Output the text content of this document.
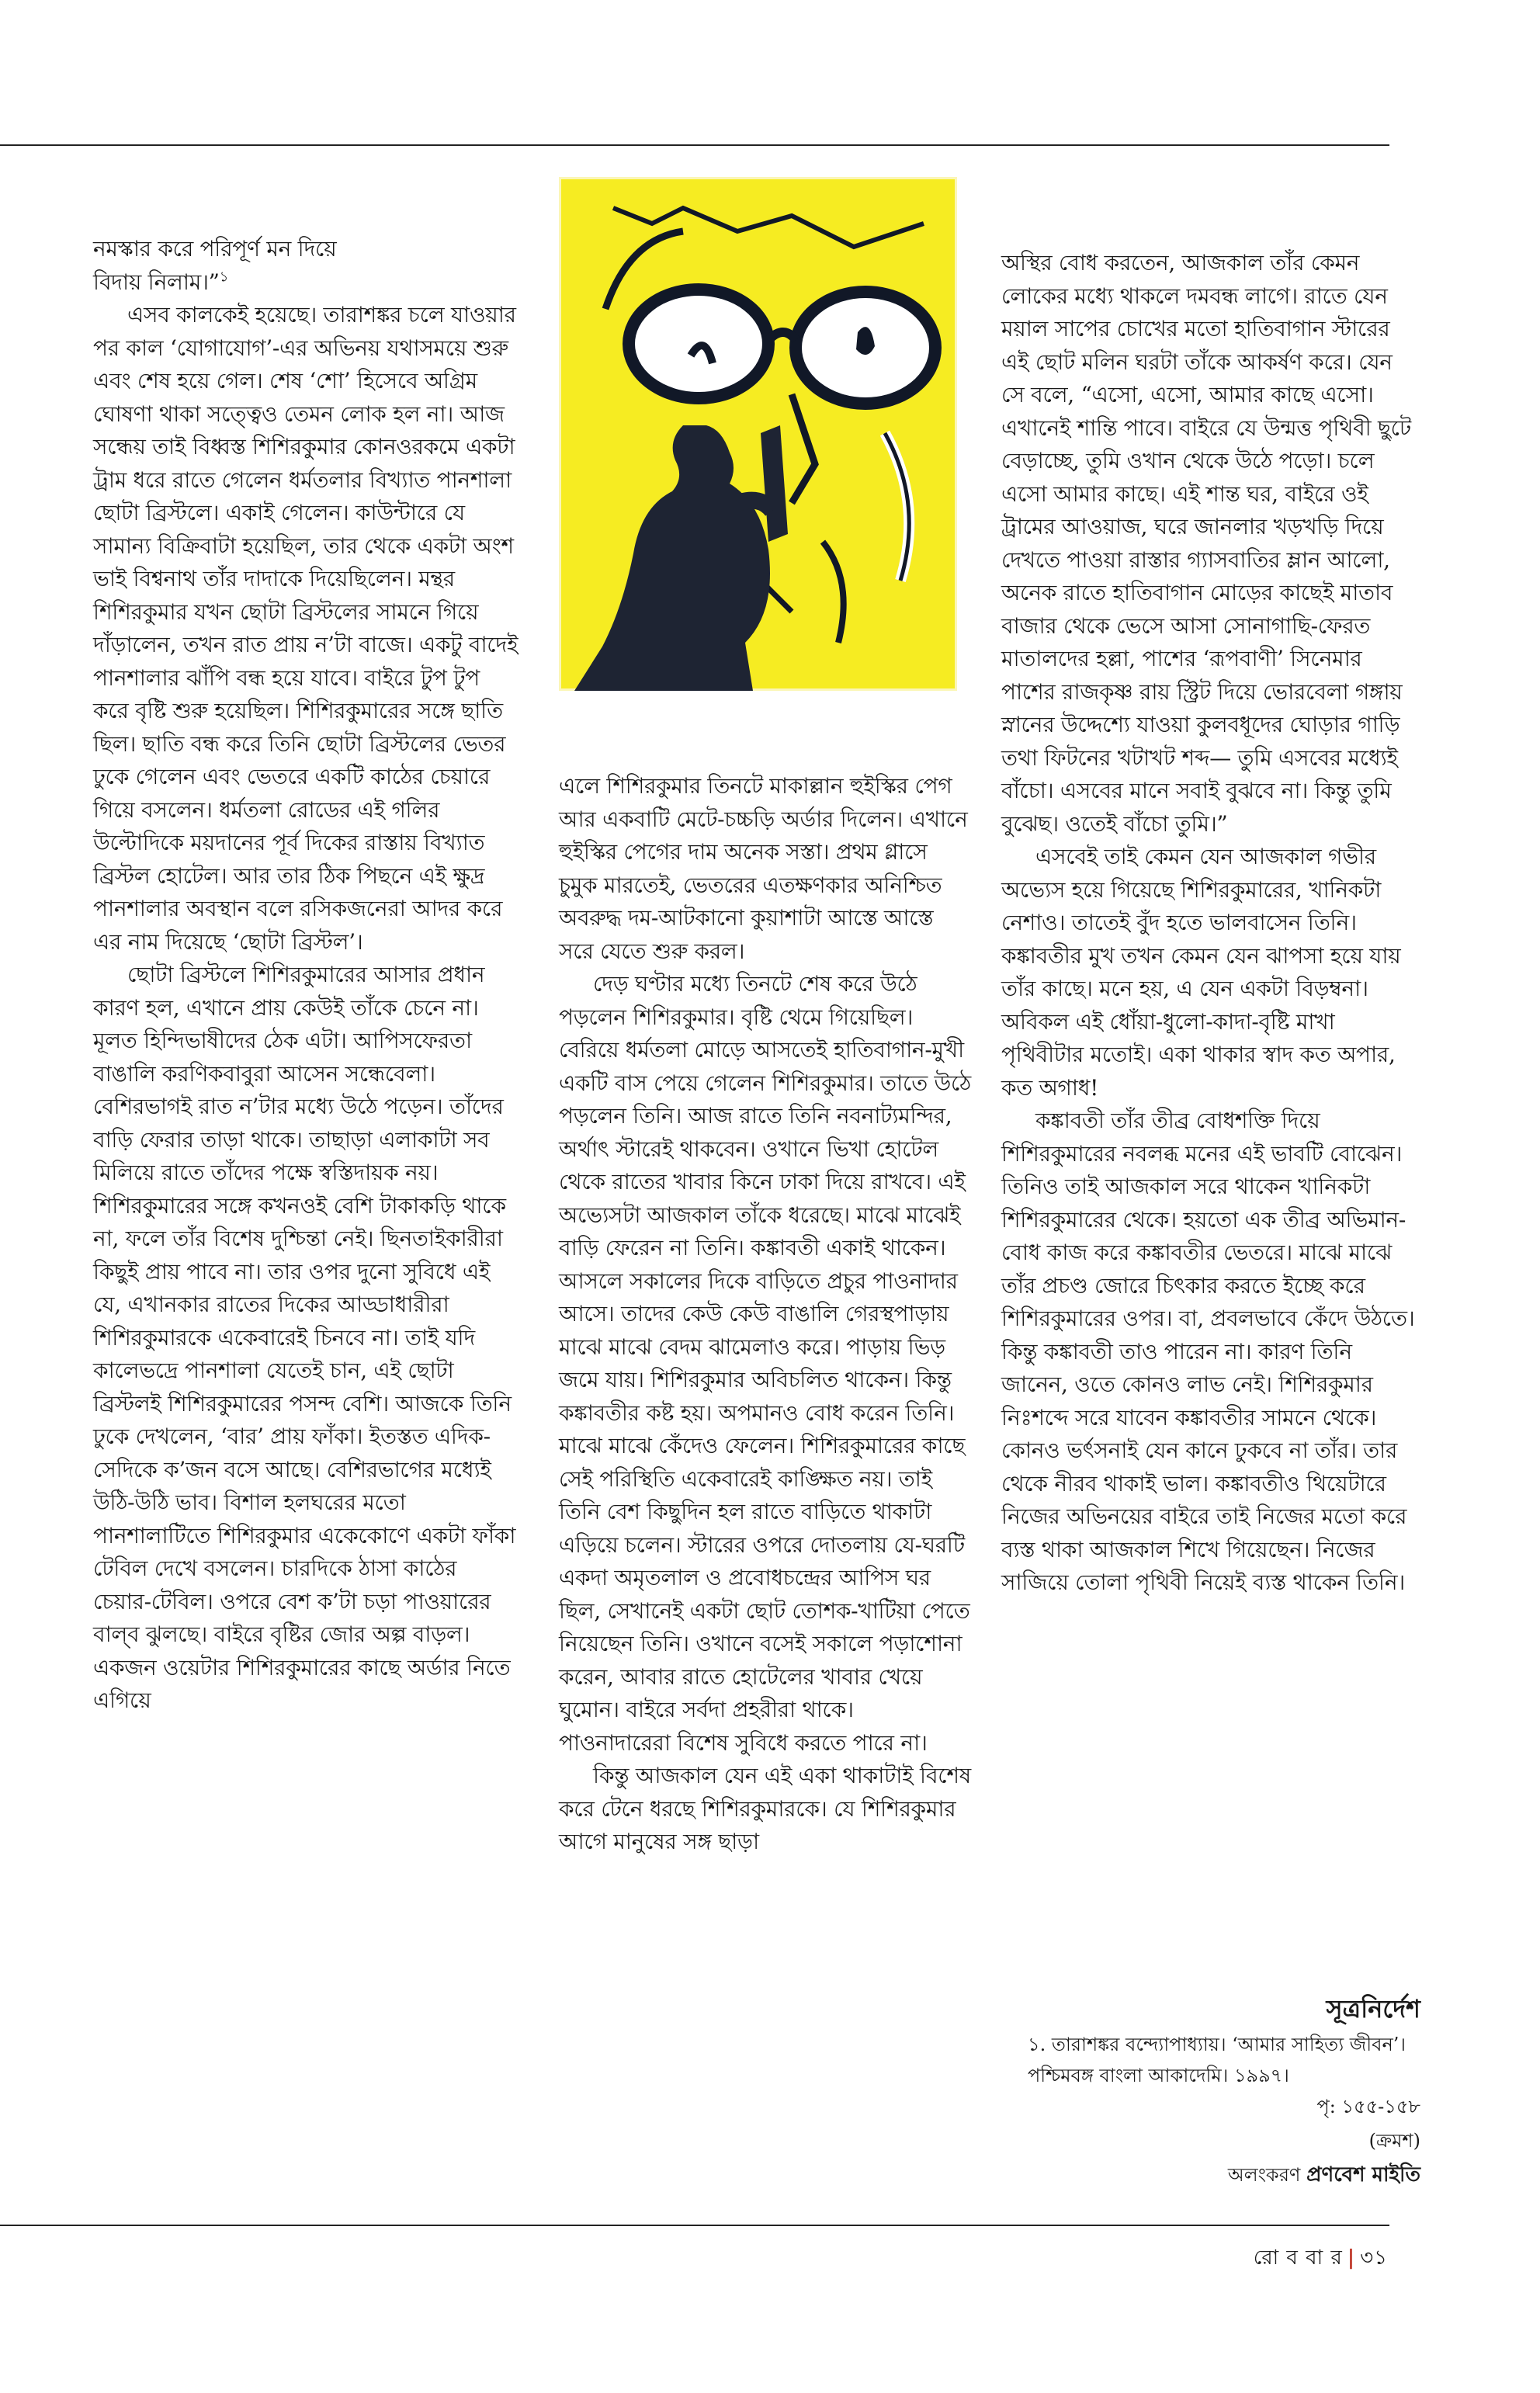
নমস্কার করে পরিপূর্ণ মন দিয়ে

বিদায় নিলাম।”$^১$

এসব কালকেই হয়েছে। তারাশঙ্কর চলে যাওয়ার পর কাল ‘যোগাযোগ’-এর অভিনয় যথাসময়ে শুরু এবং শেষ হয়ে গেল। শেষ ‘শো’ হিসেবে অগ্রিম ঘোষণা থাকা সত্ত্বেও তেমন লোক হল না। আজ সন্ধেয় তাই বিধ্বস্ত শিশিরকুমার কোনওরকমে একটা ট্রাম ধরে রাতে গেলেন ধর্মতলার বিখ্যাত পানশালা ছোটা ব্রিস্টলে। একাই গেলেন। কাউন্টারে যে সামান্য বিক্রিবাটা হয়েছিল, তার থেকে একটা অংশ ভাই বিশ্বনাথ তাঁর দাদাকে দিয়েছিলেন। মন্থর শিশিরকুমার যখন ছোটা ব্রিস্টলের সামনে গিয়ে দাঁড়ালেন, তখন রাত প্রায় ন’টা বাজে। একটু বাদেই পানশালার ঝাঁপি বন্ধ হয়ে যাবে। বাইরে টুপ টুপ করে বৃষ্টি শুরু হয়েছিল। শিশিরকুমারের সঙ্গে ছাতি ছিল। ছাতি বন্ধ করে তিনি ছোটা ব্রিস্টলের ভেতর ঢুকে গেলেন এবং ভেতরে একটি কাঠের চেয়ারে গিয়ে বসলেন। ধর্মতলা রোডের এই গলির উল্টোদিকে ময়দানের পূর্ব দিকের রাস্তায় বিখ্যাত ব্রিস্টল হোটেল। আর তার ঠিক পিছনে এই ক্ষুদ্র পানশালার অবস্থান বলে রসিকজনেরা আদর করে এর নাম দিয়েছে ‘ছোটা ব্রিস্টল’।

ছোটা ব্রিস্টলে শিশিরকুমারের আসার প্রধান কারণ হল, এখানে প্রায় কেউই তাঁকে চেনে না। মূলত হিন্দিভাষীদের ঠেক এটা। আপিসফেরতা বাঙালি করণিকবাবুরা আসেন সন্ধেবেলা। বেশিরভাগই রাত ন’টার মধ্যে উঠে পড়েন। তাঁদের বাড়ি ফেরার তাড়া থাকে। তাছাড়া এলাকাটা সব মিলিয়ে রাতে তাঁদের পক্ষে স্বস্তিদায়ক নয়। শিশিরকুমারের সঙ্গে কখনওই বেশি টাকাকড়ি থাকে না, ফলে তাঁর বিশেষ দুশ্চিন্তা নেই। ছিনতাইকারীরা কিছুই প্রায় পাবে না। তার ওপর দুনো সুবিধে এই যে, এখানকার রাতের দিকের আড্ডাধারীরা শিশিরকুমারকে একেবারেই চিনবে না। তাই যদি কালেভদ্রে পানশালা যেতেই চান, এই ছোটা ব্রিস্টলই শিশিরকুমারের পসন্দ বেশি। আজকে তিনি ঢুকে দেখলেন, ‘বার’ প্রায় ফাঁকা। ইতস্তত এদিক-সেদিকে ক’জন বসে আছে। বেশিরভাগের মধ্যেই উঠি-উঠি ভাব। বিশাল হলঘরের মতো পানশালাটিতে শিশিরকুমার একেকোণে একটা ফাঁকা টেবিল দেখে বসলেন। চারদিকে ঠাসা কাঠের চেয়ার-টেবিল। ওপরে বেশ ক’টা চড়া পাওয়ারের বাল্‌ব ঝুলছে। বাইরে বৃষ্টির জোর অল্প বাড়ল। একজন ওয়েটার শিশিরকুমারের কাছে অর্ডার নিতে এগিয়ে

এলে শিশিরকুমার তিনটে মাকাল্লান হুইস্কির পেগ আর একবাটি মেটে-চচ্চড়ি অর্ডার দিলেন। এখানে হুইস্কির পেগের দাম অনেক সস্তা। প্রথম গ্লাসে চুমুক মারতেই, ভেতরের এতক্ষণকার অনিশ্চিত অবরুদ্ধ দম-আটকানো কুয়াশাটা আস্তে আস্তে সরে যেতে শুরু করল।

দেড় ঘণ্টার মধ্যে তিনটে শেষ করে উঠে পড়লেন শিশিরকুমার। বৃষ্টি থেমে গিয়েছিল। বেরিয়ে ধর্মতলা মোড়ে আসতেই হাতিবাগান-মুখী একটি বাস পেয়ে গেলেন শিশিরকুমার। তাতে উঠে পড়লেন তিনি। আজ রাতে তিনি নবনাট্যমন্দির, অর্থাৎ স্টারেই থাকবেন। ওখানে ভিখা হোটেল থেকে রাতের খাবার কিনে ঢাকা দিয়ে রাখবে। এই অভ্যেসটা আজকাল তাঁকে ধরেছে। মাঝে মাঝেই বাড়ি ফেরেন না তিনি। কঙ্কাবতী একাই থাকেন। আসলে সকালের দিকে বাড়িতে প্রচুর পাওনাদার আসে। তাদের কেউ কেউ বাঙালি গেরস্থপাড়ায় মাঝে মাঝে বেদম ঝামেলাও করে। পাড়ায় ভিড় জমে যায়। শিশিরকুমার অবিচলিত থাকেন। কিন্তু কঙ্কাবতীর কষ্ট হয়। অপমানও বোধ করেন তিনি। মাঝে মাঝে কেঁদেও ফেলেন। শিশিরকুমারের কাছে সেই পরিস্থিতি একেবারেই কাঙ্ক্ষিত নয়। তাই তিনি বেশ কিছুদিন হল রাতে বাড়িতে থাকাটা এড়িয়ে চলেন। স্টারের ওপরে দোতলায় যে-ঘরটি একদা অমৃতলাল ও প্রবোধচন্দ্রের আপিস ঘর ছিল, সেখানেই একটা ছোট তোশক-খাটিয়া পেতে নিয়েছেন তিনি। ওখানে বসেই সকালে পড়াশোনা করেন, আবার রাতে হোটেলের খাবার খেয়ে ঘুমোন। বাইরে সর্বদা প্রহরীরা থাকে। পাওনাদারেরা বিশেষ সুবিধে করতে পারে না।

কিন্তু আজকাল যেন এই একা থাকাটাই বিশেষ করে টেনে ধরছে শিশিরকুমারকে। যে শিশিরকুমার আগে মানুষের সঙ্গ ছাড়া

অস্থির বোধ করতেন, আজকাল তাঁর কেমন লোকের মধ্যে থাকলে দমবন্ধ লাগে। রাতে যেন ময়াল সাপের চোখের মতো হাতিবাগান স্টারের এই ছোট মলিন ঘরটা তাঁকে আকর্ষণ করে। যেন সে বলে, “এসো, এসো, আমার কাছে এসো। এখানেই শান্তি পাবে। বাইরে যে উন্মত্ত পৃথিবী ছুটে বেড়াচ্ছে, তুমি ওখান থেকে উঠে পড়ো। চলে এসো আমার কাছে। এই শান্ত ঘর, বাইরে ওই ট্রামের আওয়াজ, ঘরে জানলার খড়খড়ি দিয়ে দেখতে পাওয়া রাস্তার গ্যাসবাতির ম্লান আলো, অনেক রাতে হাতিবাগান মোড়ের কাছেই মাতাব বাজার থেকে ভেসে আসা সোনাগাছি-ফেরত মাতালদের হল্লা, পাশের ‘রূপবাণী’ সিনেমার পাশের রাজকৃষ্ণ রায় স্ট্রিট দিয়ে ভোরবেলা গঙ্গায় স্নানের উদ্দেশ্যে যাওয়া কুলবধূদের ঘোড়ার গাড়ি তথা ফিটনের খটাখট শব্দ— তুমি এসবের মধ্যেই বাঁচো। এসবের মানে সবাই বুঝবে না। কিন্তু তুমি বুঝেছ। ওতেই বাঁচো তুমি।”

এসবেই তাই কেমন যেন আজকাল গভীর অভ্যেস হয়ে গিয়েছে শিশিরকুমারের, খানিকটা নেশাও। তাতেই বুঁদ হতে ভালবাসেন তিনি। কঙ্কাবতীর মুখ তখন কেমন যেন ঝাপসা হয়ে যায় তাঁর কাছে। মনে হয়, এ যেন একটা বিড়ম্বনা। অবিকল এই ধোঁয়া-ধুলো-কাদা-বৃষ্টি মাখা পৃথিবীটার মতোই। একা থাকার স্বাদ কত অপার, কত অগাধ!

কঙ্কাবতী তাঁর তীব্র বোধশক্তি দিয়ে শিশিরকুমারের নবলব্ধ মনের এই ভাবটি বোঝেন। তিনিও তাই আজকাল সরে থাকেন খানিকটা শিশিরকুমারের থেকে। হয়তো এক তীব্র অভিমান-বোধ কাজ করে কঙ্কাবতীর ভেতরে। মাঝে মাঝে তাঁর প্রচণ্ড জোরে চিৎকার করতে ইচ্ছে করে শিশিরকুমারের ওপর। বা, প্রবলভাবে কেঁদে উঠতে। কিন্তু কঙ্কাবতী তাও পারেন না। কারণ তিনি জানেন, ওতে কোনও লাভ নেই। শিশিরকুমার নিঃশব্দে সরে যাবেন কঙ্কাবতীর সামনে থেকে। কোনও ভর্ৎসনাই যেন কানে ঢুকবে না তাঁর। তার থেকে নীরব থাকাই ভাল। কঙ্কাবতীও থিয়েটারে নিজের অভিনয়ের বাইরে তাই নিজের মতো করে ব্যস্ত থাকা আজকাল শিখে গিয়েছেন। নিজের সাজিয়ে তোলা পৃথিবী নিয়েই ব্যস্ত থাকেন তিনি।

সূত্রনির্দেশ
১. তারাশঙ্কর বন্দ্যোপাধ্যায়। ‘আমার সাহিত্য জীবন’। পশ্চিমবঙ্গ বাংলা আকাদেমি। ১৯৯৭।
পৃ: ১৫৫-১৫৮
(ক্রমশ)
অলংকরণ প্রণবেশ মাইতি
রো ব বা র | ৩১
